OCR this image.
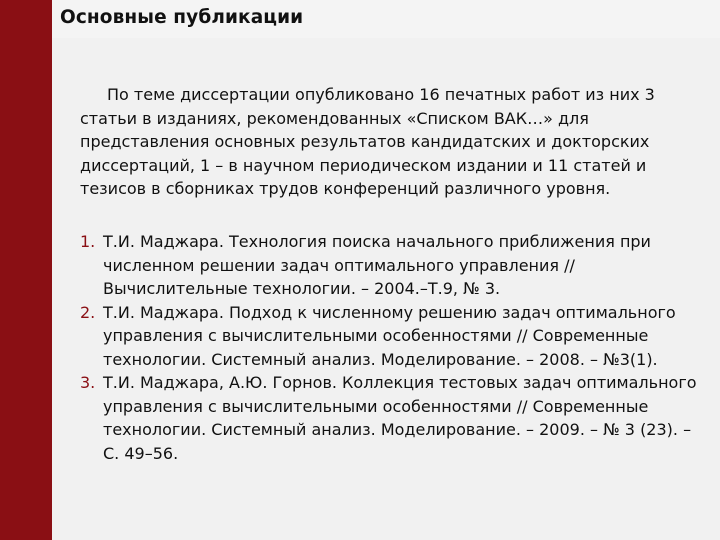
Основные публикации

По теме диссертации опубликовано 16 печатных работ из них 3 статьи в изданиях, рекомендованных «Списком ВАК…» для представления основных результатов кандидатских и докторских диссертаций, 1 – в научном периодическом издании и 11 статей и тезисов в сборниках трудов конференций различного уровня.

1. Т.И. Маджара. Технология поиска начального приближения при численном решении задач оптимального управления // Вычислительные технологии. – 2004.–Т.9, № 3.
2. Т.И. Маджара. Подход к численному решению задач оптимального управления с вычислительными особенностями // Современные технологии. Системный анализ. Моделирование. – 2008. – №3(1).
3. Т.И. Маджара, А.Ю. Горнов. Коллекция тестовых задач оптимального управления с вычислительными особенностями // Современные технологии. Системный анализ. Моделирование. – 2009. – № 3 (23). – С. 49–56.
